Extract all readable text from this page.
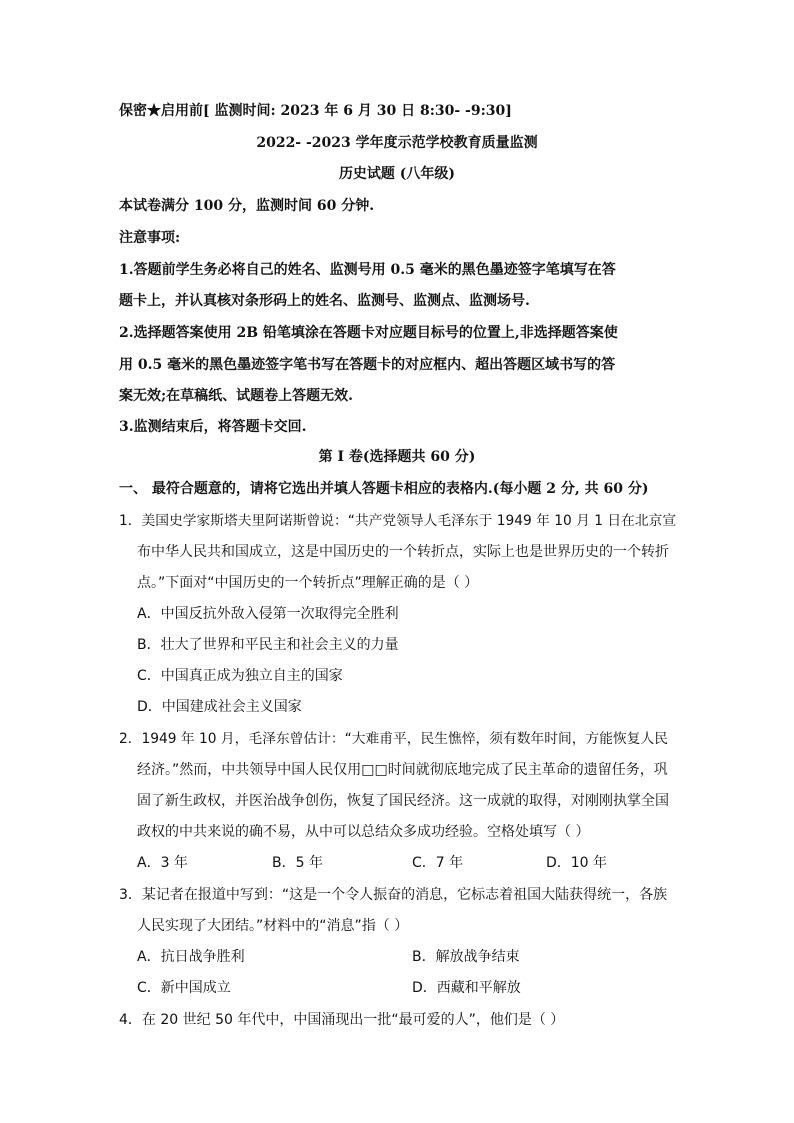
保密★启用前[ 监测时间: 2023 年 6 月 30 日 8:30- -9:30]
2022- -2023 学年度示范学校教育质量监测
历史试题 (八年级)
本试卷满分 100 分，监测时间 60 分钟.
注意事项:
1.答题前学生务必将自己的姓名、监测号用 0.5 毫米的黑色墨迹签字笔填写在答
题卡上，并认真核对条形码上的姓名、监测号、监测点、监测场号.
2.选择题答案使用 2B 铅笔填涂在答题卡对应题目标号的位置上,非选择题答案使
用 0.5 毫米的黑色墨迹签字笔书写在答题卡的对应框内、超出答题区域书写的答
案无效;在草稿纸、试题卷上答题无效.
3.监测结束后，将答题卡交回.
第 I 卷(选择题共 60 分)
一、 最符合题意的，请将它选出并填人答题卡相应的表格内.(每小题 2 分, 共 60 分)
1．美国史学家斯塔夫里阿诺斯曾说：“共产党领导人毛泽东于 1949 年 10 月 1 日在北京宣
布中华人民共和国成立，这是中国历史的一个转折点，实际上也是世界历史的一个转折
点。”下面对“中国历史的一个转折点”理解正确的是（ ）
A．中国反抗外敌入侵第一次取得完全胜利
B．壮大了世界和平民主和社会主义的力量
C．中国真正成为独立自主的国家
D．中国建成社会主义国家
2．1949 年 10 月，毛泽东曾估计：“大难甫平，民生憔悴，须有数年时间，方能恢复人民
经济。”然而，中共领导中国人民仅用□□时间就彻底地完成了民主革命的遗留任务，巩
固了新生政权，并医治战争创伤，恢复了国民经济。这一成就的取得，对刚刚执掌全国
政权的中共来说的确不易，从中可以总结众多成功经验。空格处填写（ ）
A．3 年	B．5 年	C．7 年	D．10 年
3．某记者在报道中写到：“这是一个令人振奋的消息，它标志着祖国大陆获得统一，各族
人民实现了大团结。”材料中的“消息”指（ ）
A．抗日战争胜利	B．解放战争结束
C．新中国成立	D．西藏和平解放
4．在 20 世纪 50 年代中，中国涌现出一批“最可爱的人”，他们是（ ）
